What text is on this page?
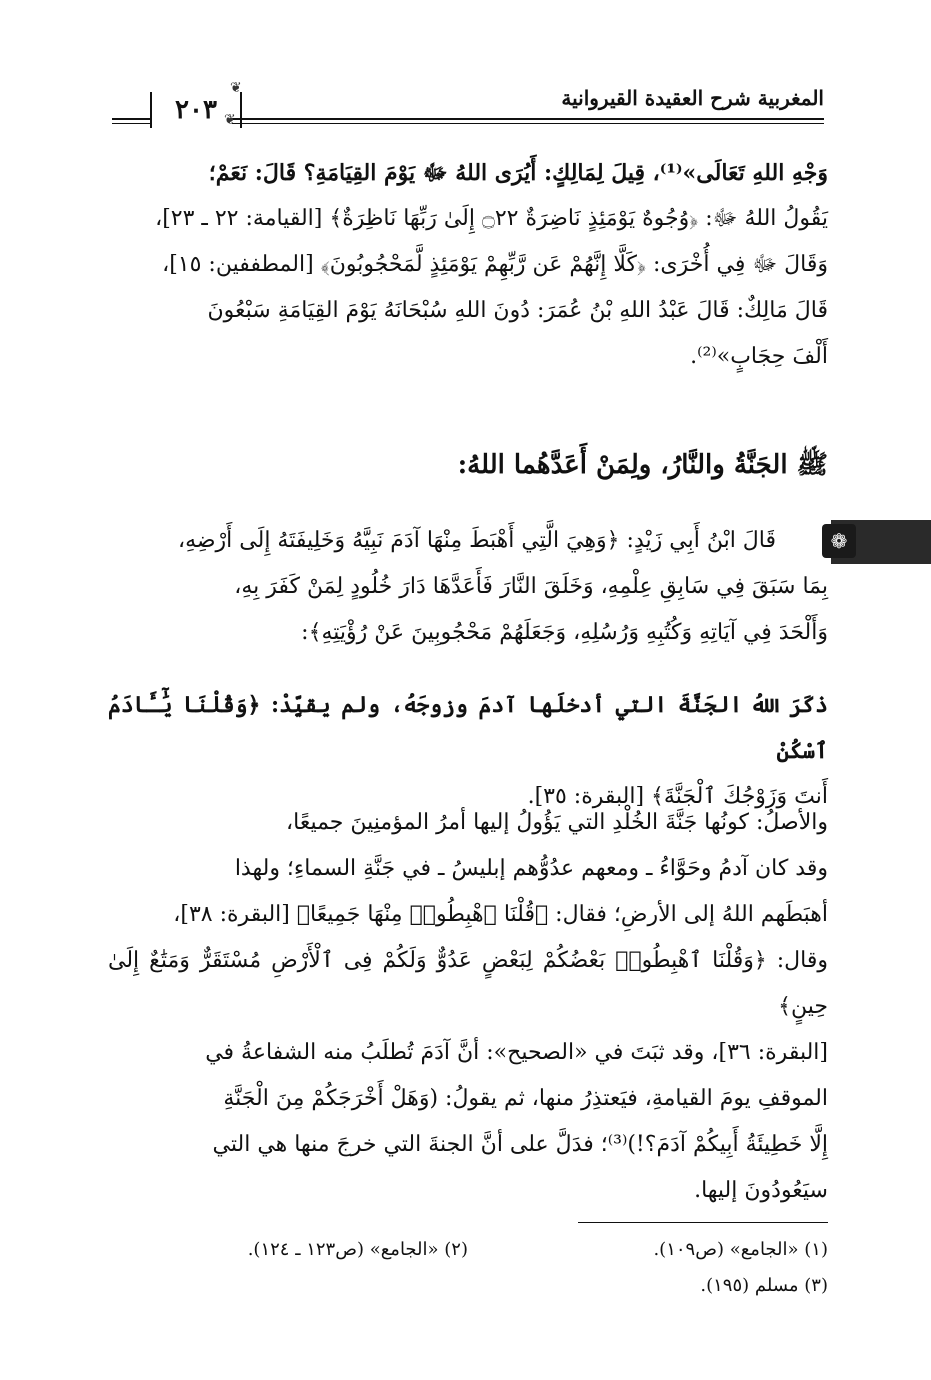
٢٠٣
❦
❦
المغربية شرح العقيدة القيروانية

وَجْهِ اللهِ تَعَالَى»⁽¹⁾، قِيلَ لِمَالِكٍ: أَيُرَى اللهُ ﷻ يَوْمَ القِيَامَةِ؟ قَالَ: نَعَمْ؛

يَقُولُ اللهُ ﷻ: ﴿وُجُوهٌ يَوْمَئِذٍ نَاضِرَةٌ ۝٢٢ إِلَىٰ رَبِّهَا نَاظِرَةٌ﴾ [القيامة: ٢٢ ـ ٢٣]،

وَقَالَ ﷻ فِي أُخْرَى: ﴿كَلَّا إِنَّهُمْ عَن رَّبِّهِمْ يَوْمَئِذٍ لَّمَحْجُوبُونَ﴾ [المطففين: ١٥]،

قَالَ مَالِكٌ: قَالَ عَبْدُ اللهِ بْنُ عُمَرَ: دُونَ اللهِ سُبْحَانَهُ يَوْمَ القِيَامَةِ سَبْعُونَ

أَلْفَ حِجَابٍ»⁽²⁾.

ﷺ الجَنَّةُ والنَّارُ، ولِمَنْ أَعَدَّهُما اللهُ:
❁

قَالَ ابْنُ أَبِي زَيْدٍ: ﴿وَهِيَ الَّتِي أَهْبَطَ مِنْهَا آدَمَ نَبِيَّهُ وَخَلِيفَتَهُ إِلَى أَرْضِهِ،

بِمَا سَبَقَ فِي سَابِقِ عِلْمِهِ، وَخَلَقَ النَّارَ فَأَعَدَّهَا دَارَ خُلُودٍ لِمَنْ كَفَرَ بِهِ،

وَأَلْحَدَ فِي آيَاتِهِ وَكُتُبِهِ وَرُسُلِهِ، وَجَعَلَهُمْ مَحْجُوبِينَ عَنْ رُؤْيَتِهِ﴾:

ذكَرَ اللهُ الجَنَّةَ التي أدخلَها آدمَ وزوجَهُ، ولم يقيِّدْ: ﴿وَقُلْنَا يَٰٓـَٔادَمُ ٱسْكُنْ

أَنتَ وَزَوْجُكَ ٱلْجَنَّةَ﴾ [البقرة: ٣٥].

والأصلُ: كونُها جَنَّةَ الخُلْدِ التي يَؤُولُ إليها أمرُ المؤمنِينَ جميعًا،

وقد كان آدمُ وحَوَّاءُ ـ ومعهم عدُوُّهم إبليسُ ـ في جَنَّةِ السماءِ؛ ولهذا

أهبَطَهم اللهُ إلى الأرضِ؛ فقال: ﴿قُلْنَا ٱهْبِطُوا۟ مِنْهَا جَمِيعًا﴾ [البقرة: ٣٨]،

وقال: ﴿وَقُلْنَا ٱهْبِطُوا۟ بَعْضُكُمْ لِبَعْضٍ عَدُوٌّ وَلَكُمْ فِى ٱلْأَرْضِ مُسْتَقَرٌّ وَمَتَٰعٌ إِلَىٰ حِينٍ﴾

[البقرة: ٣٦]، وقد ثبَتَ في «الصحيح»: أنَّ آدَمَ تُطلَبُ منه الشفاعةُ في

الموقفِ يومَ القيامةِ، فيَعتذِرُ منها، ثم يقولُ: (وَهَلْ أَخْرَجَكُمْ مِنَ الْجَنَّةِ

إِلَّا خَطِيئَةُ أَبِيكُمْ آدَمَ؟!)⁽³⁾؛ فدَلَّ على أنَّ الجنةَ التي خرجَ منها هي التي

سيَعُودُونَ إليها.

(١) «الجامع» (ص١٠٩).
(٢) «الجامع» (ص١٢٣ ـ ١٢٤).
(٣) مسلم (١٩٥).
